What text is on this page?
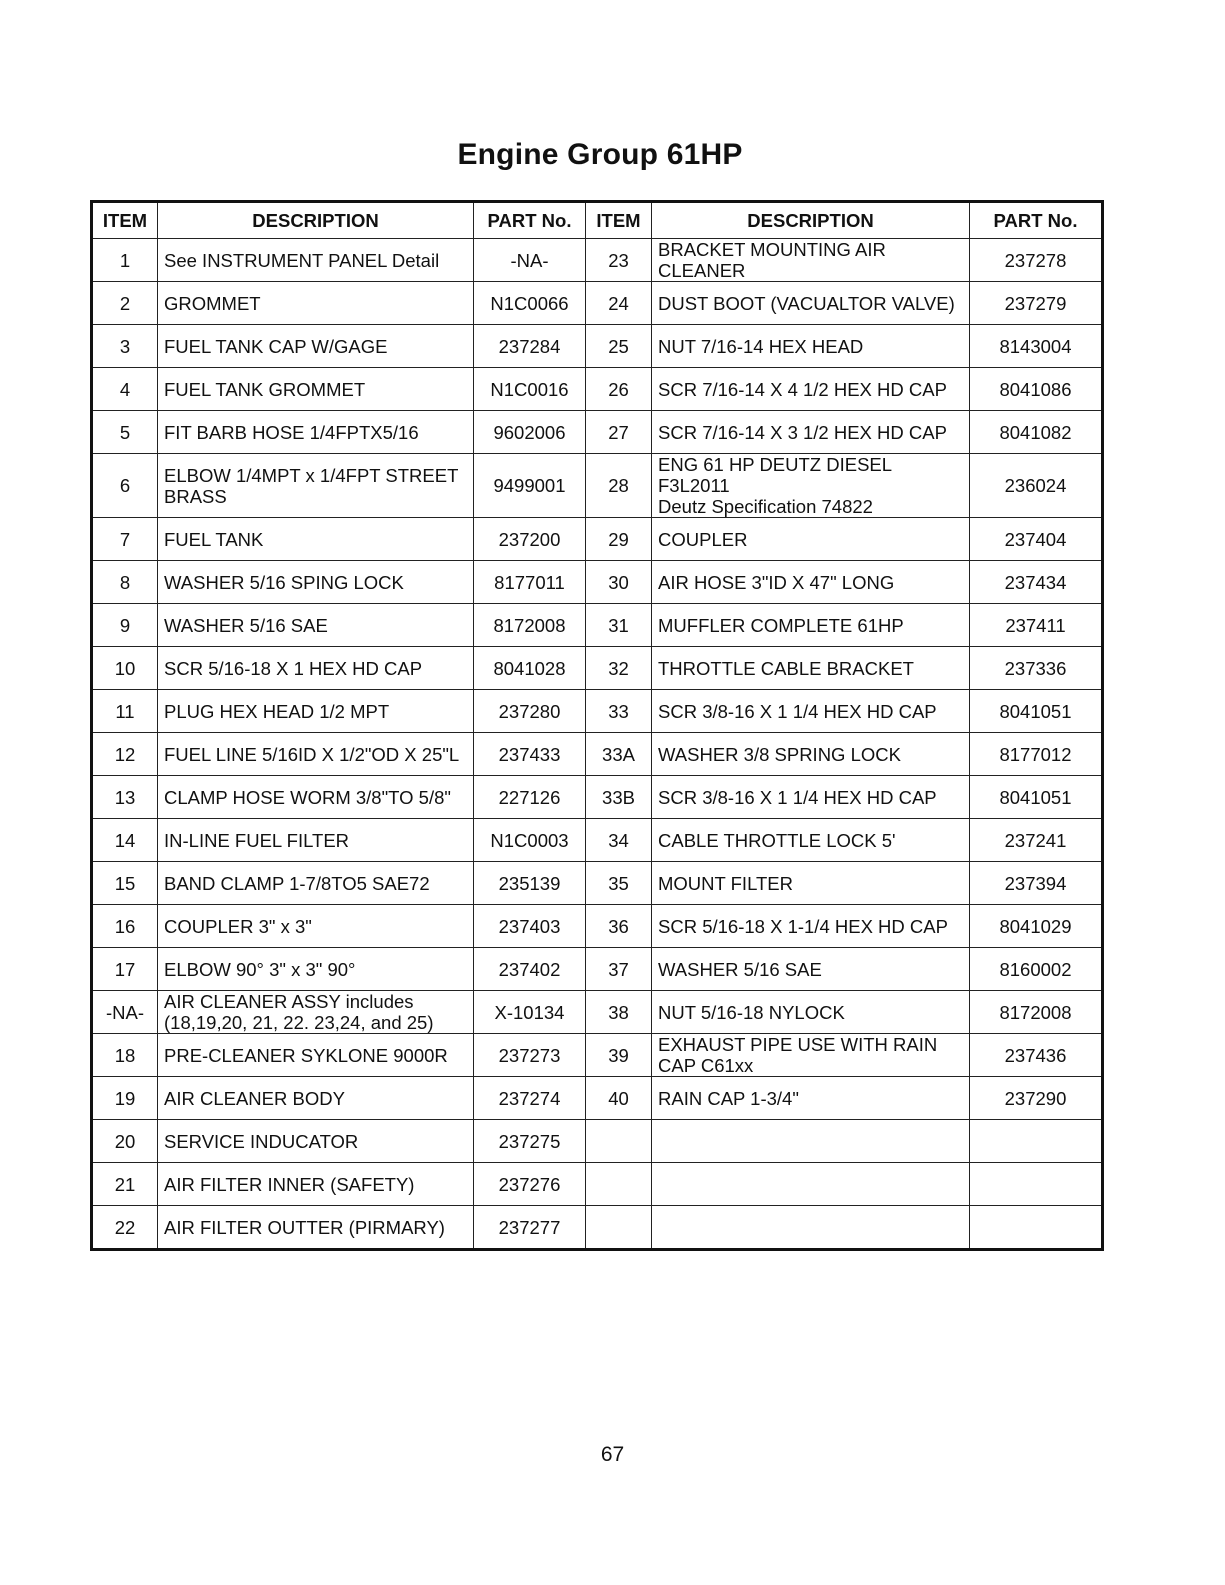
Engine Group 61HP
ITEM	DESCRIPTION	PART No.	ITEM	DESCRIPTION	PART No.
1	See INSTRUMENT PANEL Detail	-NA-	23	BRACKET MOUNTING AIR CLEANER	237278
2	GROMMET	N1C0066	24	DUST BOOT (VACUALTOR VALVE)	237279
3	FUEL TANK CAP W/GAGE	237284	25	NUT 7/16-14 HEX HEAD	8143004
4	FUEL TANK GROMMET	N1C0016	26	SCR 7/16-14 X 4 1/2 HEX HD CAP	8041086
5	FIT BARB HOSE 1/4FPTX5/16	9602006	27	SCR 7/16-14 X 3 1/2 HEX HD CAP	8041082
6	ELBOW 1/4MPT x 1/4FPT STREET BRASS	9499001	28	ENG 61 HP DEUTZ DIESEL F3L2011
Deutz Specification 74822	236024
7	FUEL TANK	237200	29	COUPLER	237404
8	WASHER 5/16 SPING LOCK	8177011	30	AIR HOSE 3"ID X 47" LONG	237434
9	WASHER 5/16 SAE	8172008	31	MUFFLER COMPLETE 61HP	237411
10	SCR 5/16-18 X 1 HEX HD CAP	8041028	32	THROTTLE CABLE BRACKET	237336
11	PLUG HEX HEAD 1/2 MPT	237280	33	SCR 3/8-16 X 1 1/4 HEX HD CAP	8041051
12	FUEL LINE 5/16ID X 1/2"OD X 25"L	237433	33A	WASHER 3/8 SPRING LOCK	8177012
13	CLAMP HOSE WORM 3/8"TO 5/8"	227126	33B	SCR 3/8-16 X 1 1/4 HEX HD CAP	8041051
14	IN-LINE FUEL FILTER	N1C0003	34	CABLE THROTTLE LOCK 5'	237241
15	BAND CLAMP 1-7/8TO5 SAE72	235139	35	MOUNT FILTER	237394
16	COUPLER 3" x 3"	237403	36	SCR 5/16-18 X 1-1/4 HEX HD CAP	8041029
17	ELBOW 90° 3" x 3" 90°	237402	37	WASHER 5/16 SAE	8160002
-NA-	AIR CLEANER ASSY includes (18,19,20, 21, 22. 23,24, and 25)	X-10134	38	NUT 5/16-18 NYLOCK	8172008
18	PRE-CLEANER SYKLONE 9000R	237273	39	EXHAUST PIPE USE WITH RAIN CAP C61xx	237436
19	AIR CLEANER BODY	237274	40	RAIN CAP 1-3/4"	237290
20	SERVICE INDUCATOR	237275			
21	AIR FILTER INNER (SAFETY)	237276			
22	AIR FILTER OUTTER (PIRMARY)	237277			
67
